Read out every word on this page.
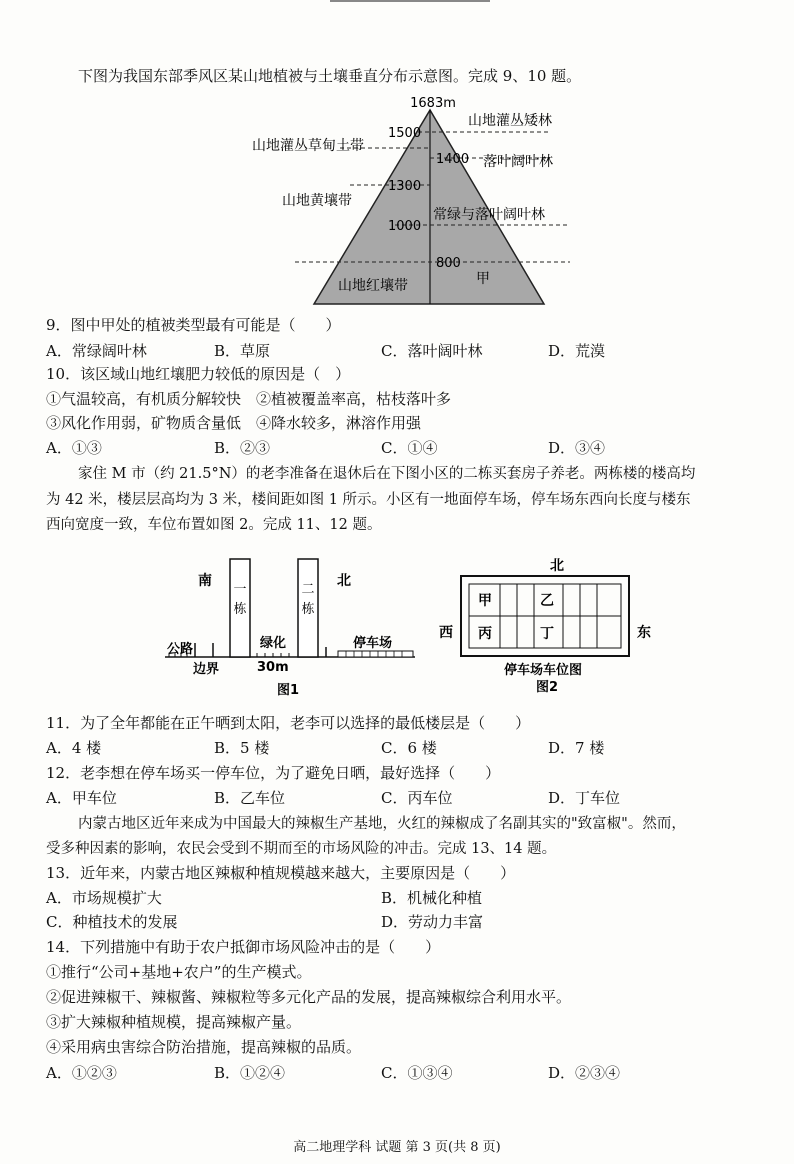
下图为我国东部季风区某山地植被与土壤垂直分布示意图。完成 9、10 题。
1683m
1500
1400
1300
1000
800
山地灌丛草甸土带
山地黄壤带
山地红壤带
山地灌丛矮林
落叶阔叶林
常绿与落叶阔叶林
甲
9．图中甲处的植被类型最有可能是（　　）
A．常绿阔叶林	B．草原	C．落叶阔叶林	D．荒漠
10．该区域山地红壤肥力较低的原因是（　）
①气温较高，有机质分解较快　②植被覆盖率高，枯枝落叶多
③风化作用弱，矿物质含量低　④降水较多，淋溶作用强
A．①③	B．②③	C．①④	D．③④
家住 M 市（约 21.5°N）的老李准备在退休后在下图小区的二栋买套房子养老。两栋楼的楼高均
为 42 米，楼层层高均为 3 米，楼间距如图 1 所示。小区有一地面停车场，停车场东西向长度与楼东
西向宽度一致，车位布置如图 2。完成 11、12 题。
南	北
一
栋
二
栋
公路
边界
绿化
30m
停车场
图1
北
西	东
甲	乙
丙	丁
停车场车位图
图2
11．为了全年都能在正午晒到太阳，老李可以选择的最低楼层是（　　）
A．4 楼	B．5 楼	C．6 楼	D．7 楼
12．老李想在停车场买一停车位，为了避免日晒，最好选择（　　）
A．甲车位	B．乙车位	C．丙车位	D．丁车位
内蒙古地区近年来成为中国最大的辣椒生产基地，火红的辣椒成了名副其实的"致富椒"。然而，
受多种因素的影响，农民会受到不期而至的市场风险的冲击。完成 13、14 题。
13．近年来，内蒙古地区辣椒种植规模越来越大，主要原因是（　　）
A．市场规模扩大	B．机械化种植
C．种植技术的发展	D．劳动力丰富
14．下列措施中有助于农户抵御市场风险冲击的是（　　）
①推行“公司+基地+农户”的生产模式。
②促进辣椒干、辣椒酱、辣椒粒等多元化产品的发展，提高辣椒综合利用水平。
③扩大辣椒种植规模，提高辣椒产量。
④采用病虫害综合防治措施，提高辣椒的品质。
A．①②③	B．①②④	C．①③④	D．②③④
高二地理学科 试题 第 3 页(共 8 页)
